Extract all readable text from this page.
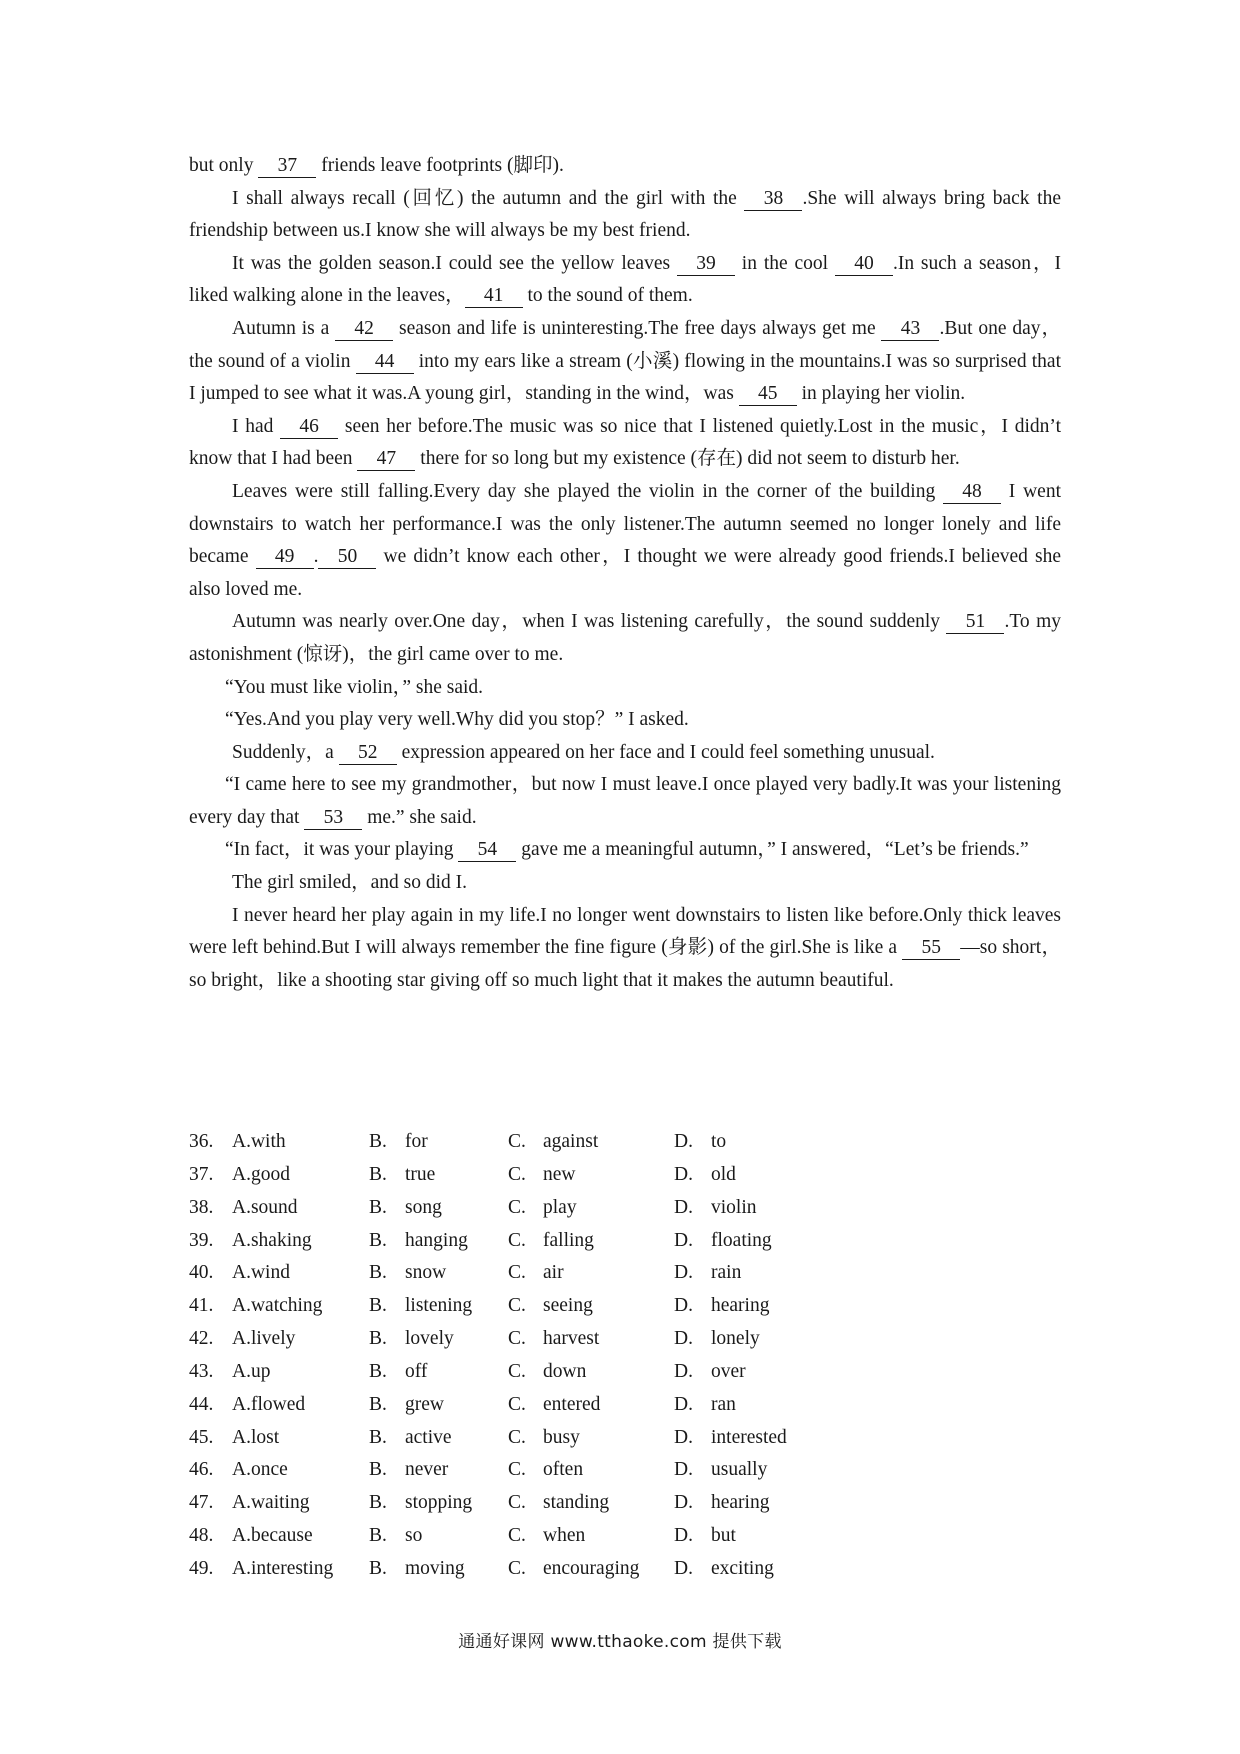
but only 37 friends leave footprints (脚印).

I shall always recall (回忆) the autumn and the girl with the 38 .She will always bring back the friendship between us.I know she will always be my best friend.

It was the golden season.I could see the yellow leaves 39 in the cool 40 .In such a season，I liked walking alone in the leaves， 41 to the sound of them.

Autumn is a 42 season and life is uninteresting.The free days always get me 43 .But one day，the sound of a violin 44 into my ears like a stream (小溪) flowing in the mountains.I was so surprised that I jumped to see what it was.A young girl，standing in the wind，was 45 in playing her violin.

I had 46 seen her before.The music was so nice that I listened quietly.Lost in the music，I didn’t know that I had been 47 there for so long but my existence (存在) did not seem to disturb her.

Leaves were still falling.Every day she played the violin in the corner of the building 48 I went downstairs to watch her performance.I was the only listener.The autumn seemed no longer lonely and life became 49 . 50 we didn’t know each other，I thought we were already good friends.I believed she also loved me.

Autumn was nearly over.One day，when I was listening carefully，the sound suddenly 51 .To my astonishment (惊讶)，the girl came over to me.

“You must like violin，” she said.

“Yes.And you play very well.Why did you stop？” I asked.

Suddenly，a 52 expression appeared on her face and I could feel something unusual.

“I came here to see my grandmother，but now I must leave.I once played very badly.It was your listening every day that 53 me.” she said.

“In fact，it was your playing 54 gave me a meaningful autumn，” I answered，“Let’s be friends.”

The girl smiled，and so did I.

I never heard her play again in my life.I no longer went downstairs to listen like before.Only thick leaves were left behind.But I will always remember the fine figure (身影) of the girl.She is like a 55 —so short，so bright，like a shooting star giving off so much light that it makes the autumn beautiful.

36. A.with	B. for	C. against	D. to
37. A.good	B. true	C. new	D. old
38. A.sound	B. song	C. play	D. violin
39. A.shaking	B. hanging C. falling	D. floating
40. A.wind	B. snow	C. air	D. rain
41. A.watching B. listening C. seeing	D. hearing
42. A.lively	B. lovely	C. harvest	D. lonely
43. A.up	B. off	C. down	D. over
44. A.flowed	B. grew	C. entered	D. ran
45. A.lost	B. active	C. busy	D. interested
46. A.once	B. never	C. often	D. usually
47. A.waiting	B. stopping C. standing	D. hearing
48. A.because	B. so	C. when	D. but
49. A.interesting B. moving C. encouraging D. exciting
通通好课网 www.tthaoke.com 提供下载
